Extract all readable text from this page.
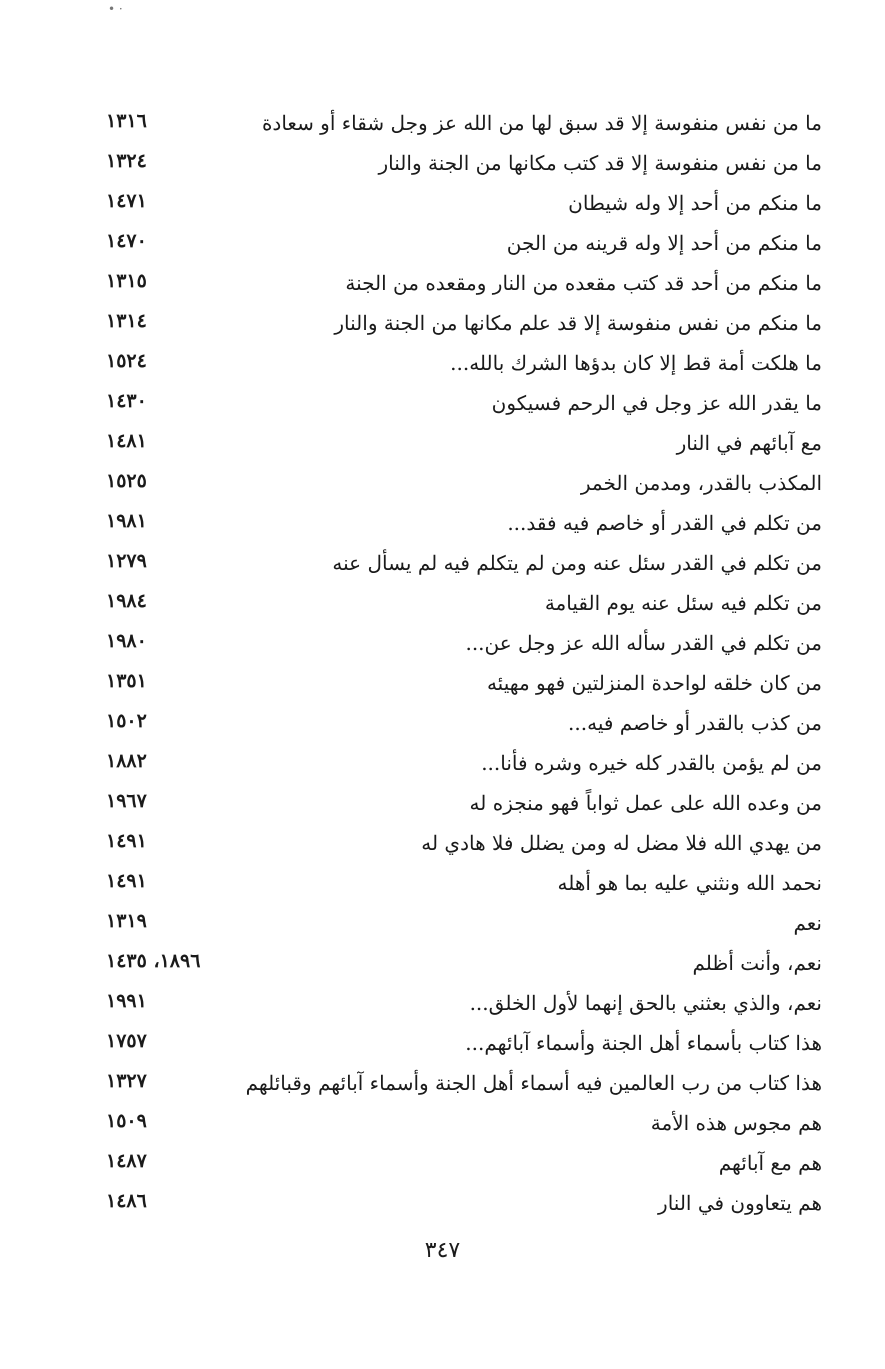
• ·
ما من نفس منفوسة إلا قد سبق لها من الله عز وجل شقاء أو سعادة
١٣١٦
ما من نفس منفوسة إلا قد كتب مكانها من الجنة والنار
١٣٢٤
ما منكم من أحد إلا وله شيطان
١٤٧١
ما منكم من أحد إلا وله قرينه من الجن
١٤٧٠
ما منكم من أحد قد كتب مقعده من النار ومقعده من الجنة
١٣١٥
ما منكم من نفس منفوسة إلا قد علم مكانها من الجنة والنار
١٣١٤
ما هلكت أمة قط إلا كان بدؤها الشرك بالله...
١٥٢٤
ما يقدر الله عز وجل في الرحم فسيكون
١٤٣٠
مع آبائهم في النار
١٤٨١
المكذب بالقدر، ومدمن الخمر
١٥٢٥
من تكلم في القدر أو خاصم فيه فقد...
١٩٨١
من تكلم في القدر سئل عنه ومن لم يتكلم فيه لم يسأل عنه
١٢٧٩
من تكلم فيه سئل عنه يوم القيامة
١٩٨٤
من تكلم في القدر سأله الله عز وجل عن...
١٩٨٠
من كان خلقه لواحدة المنزلتين فهو مهيئه
١٣٥١
من كذب بالقدر أو خاصم فيه...
١٥٠٢
من لم يؤمن بالقدر كله خيره وشره فأنا...
١٨٨٢
من وعده الله على عمل ثواباً فهو منجزه له
١٩٦٧
من يهدي الله فلا مضل له ومن يضلل فلا هادي له
١٤٩١
نحمد الله ونثني عليه بما هو أهله
١٤٩١
نعم
١٣١٩
نعم، وأنت أظلم
١٨٩٦، ١٤٣٥
نعم، والذي بعثني بالحق إنهما لأول الخلق...
١٩٩١
هذا كتاب بأسماء أهل الجنة وأسماء آبائهم...
١٧٥٧
هذا كتاب من رب العالمين فيه أسماء أهل الجنة وأسماء آبائهم وقبائلهم
١٣٢٧
هم مجوس هذه الأمة
١٥٠٩
هم مع آبائهم
١٤٨٧
هم يتعاوون في النار
١٤٨٦
٣٤٧
